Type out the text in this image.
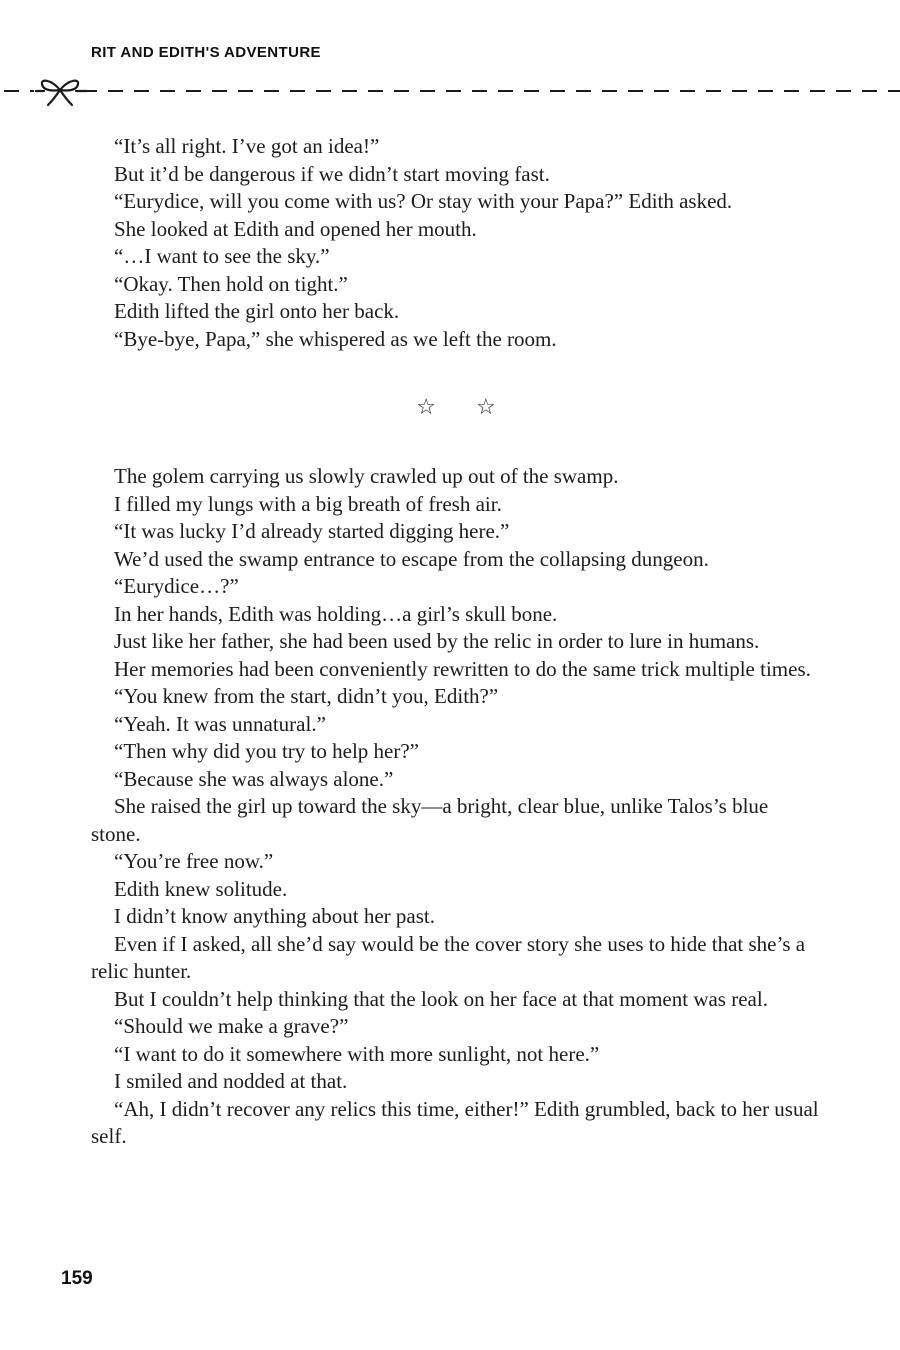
RIT AND EDITH'S ADVENTURE

“It’s all right. I’ve got an idea!”

But it’d be dangerous if we didn’t start moving fast.

“Eurydice, will you come with us? Or stay with your Papa?” Edith asked.

She looked at Edith and opened her mouth.

“…I want to see the sky.”

“Okay. Then hold on tight.”

Edith lifted the girl onto her back.

“Bye-bye, Papa,” she whispered as we left the room.

☆ ☆

The golem carrying us slowly crawled up out of the swamp.

I filled my lungs with a big breath of fresh air.

“It was lucky I’d already started digging here.”

We’d used the swamp entrance to escape from the collapsing dungeon.

“Eurydice…?”

In her hands, Edith was holding…a girl’s skull bone.

Just like her father, she had been used by the relic in order to lure in humans.

Her memories had been conveniently rewritten to do the same trick multiple times.

“You knew from the start, didn’t you, Edith?”

“Yeah. It was unnatural.”

“Then why did you try to help her?”

“Because she was always alone.”

She raised the girl up toward the sky—a bright, clear blue, unlike Talos’s blue stone.

“You’re free now.”

Edith knew solitude.

I didn’t know anything about her past.

Even if I asked, all she’d say would be the cover story she uses to hide that she’s a relic hunter.

But I couldn’t help thinking that the look on her face at that moment was real.

“Should we make a grave?”

“I want to do it somewhere with more sunlight, not here.”

I smiled and nodded at that.

“Ah, I didn’t recover any relics this time, either!” Edith grumbled, back to her usual self.

159
